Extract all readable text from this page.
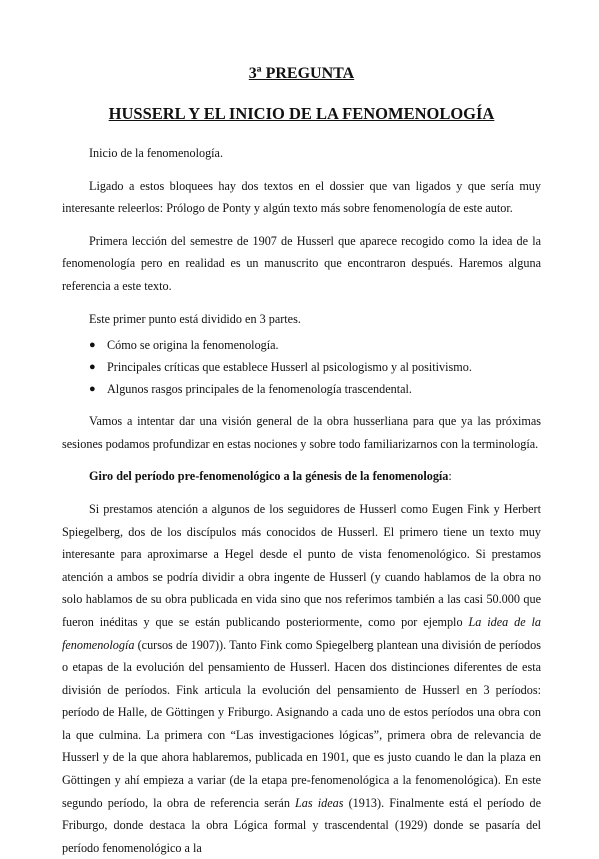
3ª PREGUNTA
HUSSERL Y EL INICIO DE LA FENOMENOLOGÍA

Inicio de la fenomenología.

Ligado a estos bloquees hay dos textos en el dossier que van ligados y que sería muy interesante releerlos: Prólogo de Ponty y algún texto más sobre fenomenología de este autor.

Primera lección del semestre de 1907 de Husserl que aparece recogido como la idea de la fenomenología pero en realidad es un manuscrito que encontraron después. Haremos alguna referencia a este texto.

Este primer punto está dividido en 3 partes.

● Cómo se origina la fenomenología.
● Principales críticas que establece Husserl al psicologismo y al positivismo.
● Algunos rasgos principales de la fenomenología trascendental.

Vamos a intentar dar una visión general de la obra husserliana para que ya las próximas sesiones podamos profundizar en estas nociones y sobre todo familiarizarnos con la terminología.

Giro del período pre-fenomenológico a la génesis de la fenomenología:

Si prestamos atención a algunos de los seguidores de Husserl como Eugen Fink y Herbert Spiegelberg, dos de los discípulos más conocidos de Husserl. El primero tiene un texto muy interesante para aproximarse a Hegel desde el punto de vista fenomenológico. Si prestamos atención a ambos se podría dividir a obra ingente de Husserl (y cuando hablamos de la obra no solo hablamos de su obra publicada en vida sino que nos referimos también a las casi 50.000 que fueron inéditas y que se están publicando posteriormente, como por ejemplo La idea de la fenomenología (cursos de 1907)). Tanto Fink como Spiegelberg plantean una división de períodos o etapas de la evolución del pensamiento de Husserl. Hacen dos distinciones diferentes de esta división de períodos. Fink articula la evolución del pensamiento de Husserl en 3 períodos: período de Halle, de Göttingen y Friburgo. Asignando a cada uno de estos períodos una obra con la que culmina. La primera con “Las investigaciones lógicas”, primera obra de relevancia de Husserl y de la que ahora hablaremos, publicada en 1901, que es justo cuando le dan la plaza en Göttingen y ahí empieza a variar (de la etapa pre-fenomenológica a la fenomenológica). En este segundo período, la obra de referencia serán Las ideas (1913). Finalmente está el período de Friburgo, donde destaca la obra Lógica formal y trascendental (1929) donde se pasaría del período fenomenológico a la
